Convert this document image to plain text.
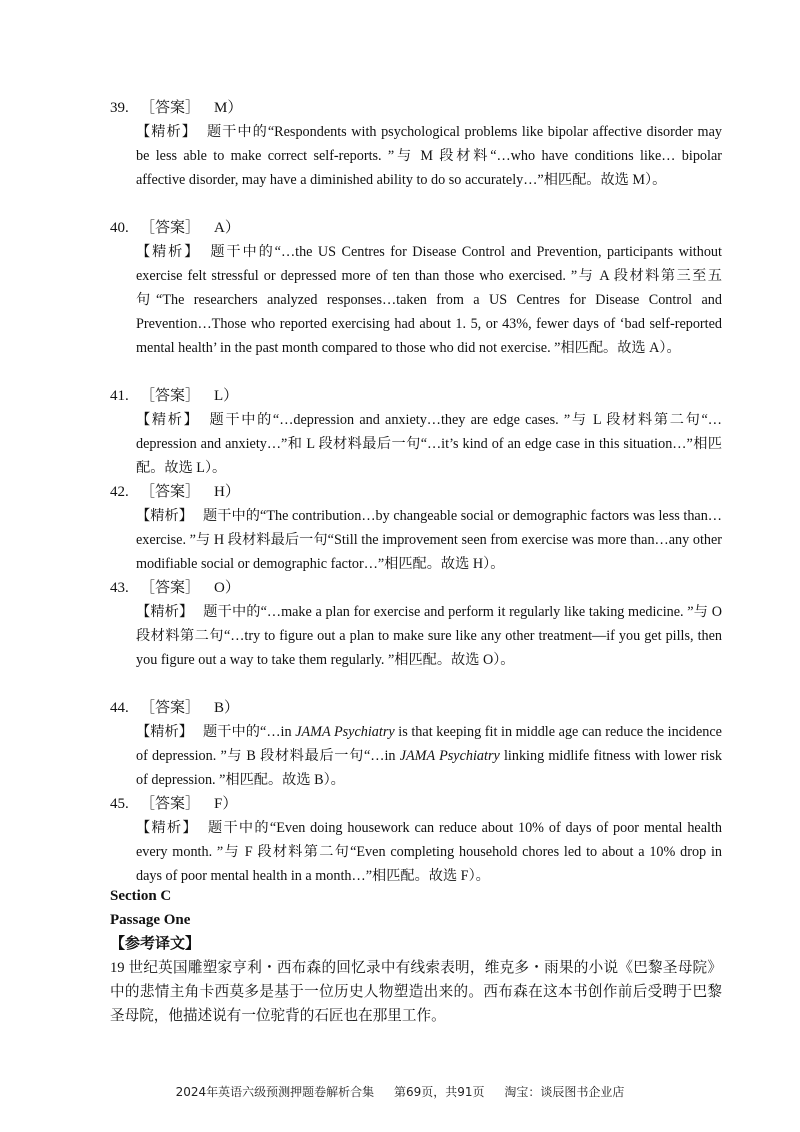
39. ［答案］ M）
【精析】 题干中的“Respondents with psychological problems like bipolar affective disorder may be less able to make correct self-reports. ”与 M 段材料“…who have conditions like… bipolar affective disorder, may have a diminished ability to do so accurately…”相匹配。故选 M）。
40. ［答案］ A）
【精析】 题干中的“…the US Centres for Disease Control and Prevention, participants without exercise felt stressful or depressed more of ten than those who exercised. ”与 A 段材料第三至五句“The researchers analyzed responses…taken from a US Centres for Disease Control and Prevention…Those who reported exercising had about 1. 5, or 43%, fewer days of ‘bad self-reported mental health’ in the past month compared to those who did not exercise. ”相匹配。故选 A）。
41. ［答案］ L）
【精析】 题干中的“…depression and anxiety…they are edge cases. ”与 L 段材料第二句“…depression and anxiety…”和 L 段材料最后一句“…it’s kind of an edge case in this situation…”相匹配。故选 L）。
42. ［答案］ H）
【精析】 题干中的“The contribution…by changeable social or demographic factors was less than…exercise. ”与 H 段材料最后一句“Still the improvement seen from exercise was more than…any other modifiable social or demographic factor…”相匹配。故选 H）。
43. ［答案］ O）
【精析】 题干中的“…make a plan for exercise and perform it regularly like taking medicine. ”与 O 段材料第二句“…try to figure out a plan to make sure like any other treatment—if you get pills, then you figure out a way to take them regularly. ”相匹配。故选 O）。
44. ［答案］ B）
【精析】 题干中的“…in JAMA Psychiatry is that keeping fit in middle age can reduce the incidence of depression. ”与 B 段材料最后一句“…in JAMA Psychiatry linking midlife fitness with lower risk of depression. ”相匹配。故选 B）。
45. ［答案］ F）
【精析】 题干中的“Even doing housework can reduce about 10% of days of poor mental health every month. ”与 F 段材料第二句“Even completing household chores led to about a 10% drop in days of poor mental health in a month…”相匹配。故选 F）。
Section C
Passage One
【参考译文】
19 世纪英国雕塑家亨利・西布森的回忆录中有线索表明，维克多・雨果的小说《巴黎圣母院》中的悲情主角卡西莫多是基于一位历史人物塑造出来的。西布森在这本书创作前后受聘于巴黎圣母院，他描述说有一位驼背的石匠也在那里工作。
2024年英语六级预测押题卷解析合集 第69页，共91页 淘宝：谈辰图书企业店
